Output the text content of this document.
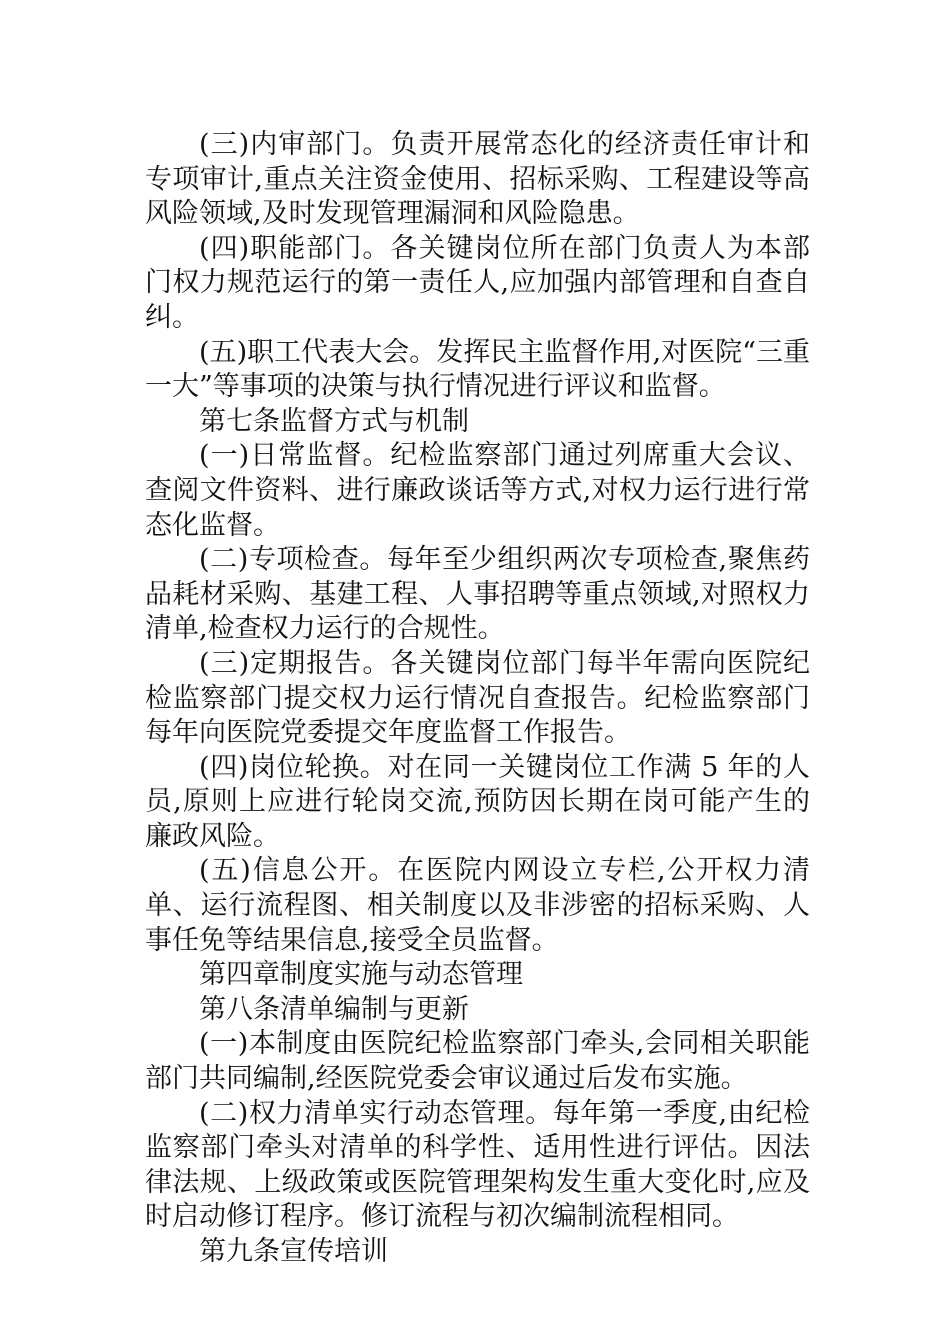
(三)内审部门。负责开展常态化的经济责任审计和专项审计,重点关注资金使用、招标采购、工程建设等高风险领域,及时发现管理漏洞和风险隐患。

(四)职能部门。各关键岗位所在部门负责人为本部门权力规范运行的第一责任人,应加强内部管理和自查自纠。

(五)职工代表大会。发挥民主监督作用,对医院“三重一大”等事项的决策与执行情况进行评议和监督。

第七条监督方式与机制

(一)日常监督。纪检监察部门通过列席重大会议、查阅文件资料、进行廉政谈话等方式,对权力运行进行常态化监督。

(二)专项检查。每年至少组织两次专项检查,聚焦药品耗材采购、基建工程、人事招聘等重点领域,对照权力清单,检查权力运行的合规性。

(三)定期报告。各关键岗位部门每半年需向医院纪检监察部门提交权力运行情况自查报告。纪检监察部门每年向医院党委提交年度监督工作报告。

(四)岗位轮换。对在同一关键岗位工作满 5 年的人员,原则上应进行轮岗交流,预防因长期在岗可能产生的廉政风险。

(五)信息公开。在医院内网设立专栏,公开权力清单、运行流程图、相关制度以及非涉密的招标采购、人事任免等结果信息,接受全员监督。

第四章制度实施与动态管理

第八条清单编制与更新

(一)本制度由医院纪检监察部门牵头,会同相关职能部门共同编制,经医院党委会审议通过后发布实施。

(二)权力清单实行动态管理。每年第一季度,由纪检监察部门牵头对清单的科学性、适用性进行评估。因法律法规、上级政策或医院管理架构发生重大变化时,应及时启动修订程序。修订流程与初次编制流程相同。

第九条宣传培训
